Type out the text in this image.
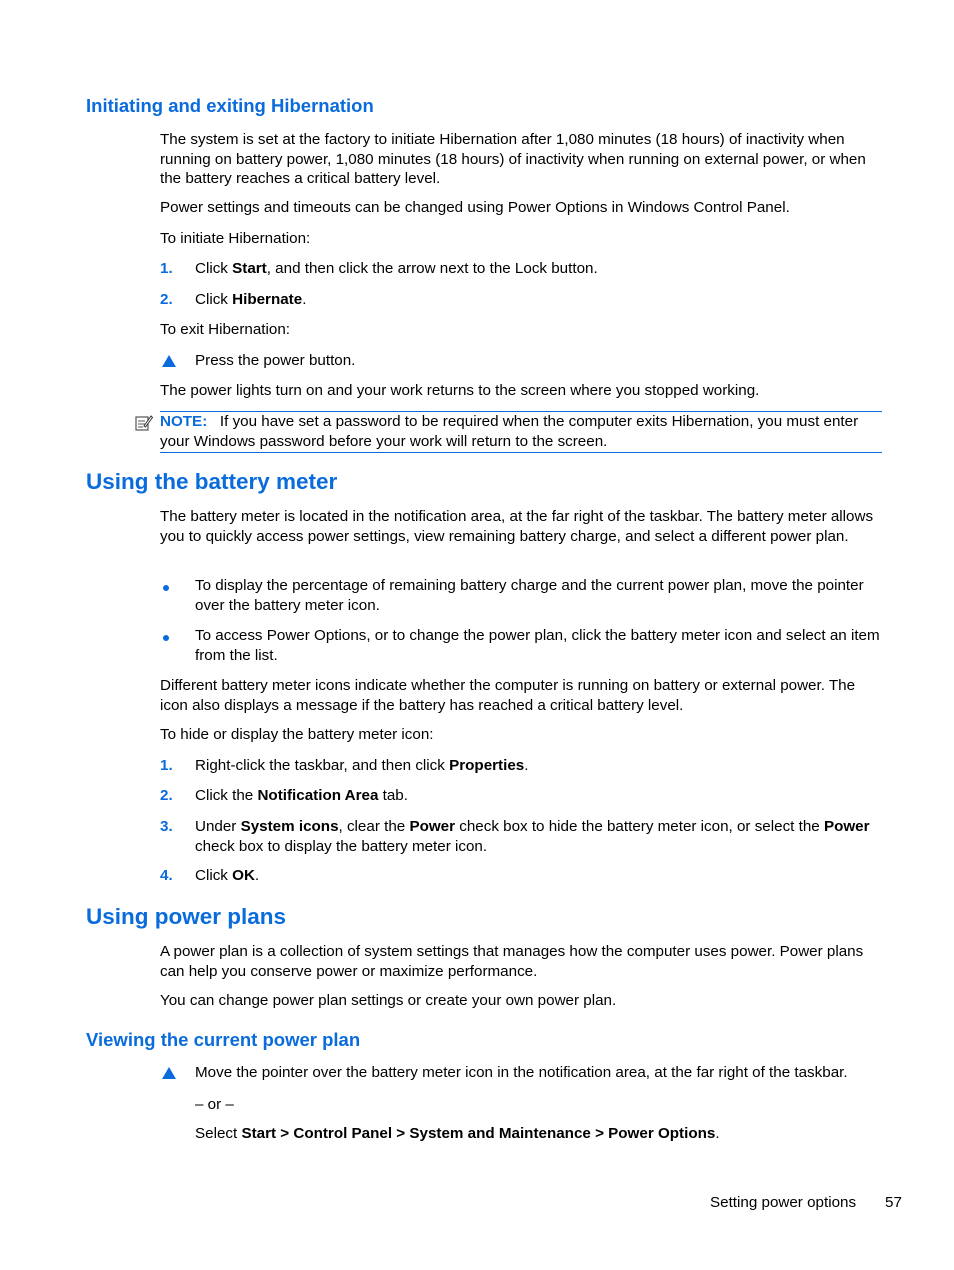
Initiating and exiting Hibernation
The system is set at the factory to initiate Hibernation after 1,080 minutes (18 hours) of inactivity when running on battery power, 1,080 minutes (18 hours) of inactivity when running on external power, or when the battery reaches a critical battery level.
Power settings and timeouts can be changed using Power Options in Windows Control Panel.
To initiate Hibernation:
1. Click Start, and then click the arrow next to the Lock button.
2. Click Hibernate.
To exit Hibernation:
Press the power button.
The power lights turn on and your work returns to the screen where you stopped working.
NOTE: If you have set a password to be required when the computer exits Hibernation, you must enter your Windows password before your work will return to the screen.
Using the battery meter
The battery meter is located in the notification area, at the far right of the taskbar. The battery meter allows you to quickly access power settings, view remaining battery charge, and select a different power plan.
To display the percentage of remaining battery charge and the current power plan, move the pointer over the battery meter icon.
To access Power Options, or to change the power plan, click the battery meter icon and select an item from the list.
Different battery meter icons indicate whether the computer is running on battery or external power. The icon also displays a message if the battery has reached a critical battery level.
To hide or display the battery meter icon:
1. Right-click the taskbar, and then click Properties.
2. Click the Notification Area tab.
3. Under System icons, clear the Power check box to hide the battery meter icon, or select the Power check box to display the battery meter icon.
4. Click OK.
Using power plans
A power plan is a collection of system settings that manages how the computer uses power. Power plans can help you conserve power or maximize performance.
You can change power plan settings or create your own power plan.
Viewing the current power plan
Move the pointer over the battery meter icon in the notification area, at the far right of the taskbar.
– or –
Select Start > Control Panel > System and Maintenance > Power Options.
Setting power options 57
